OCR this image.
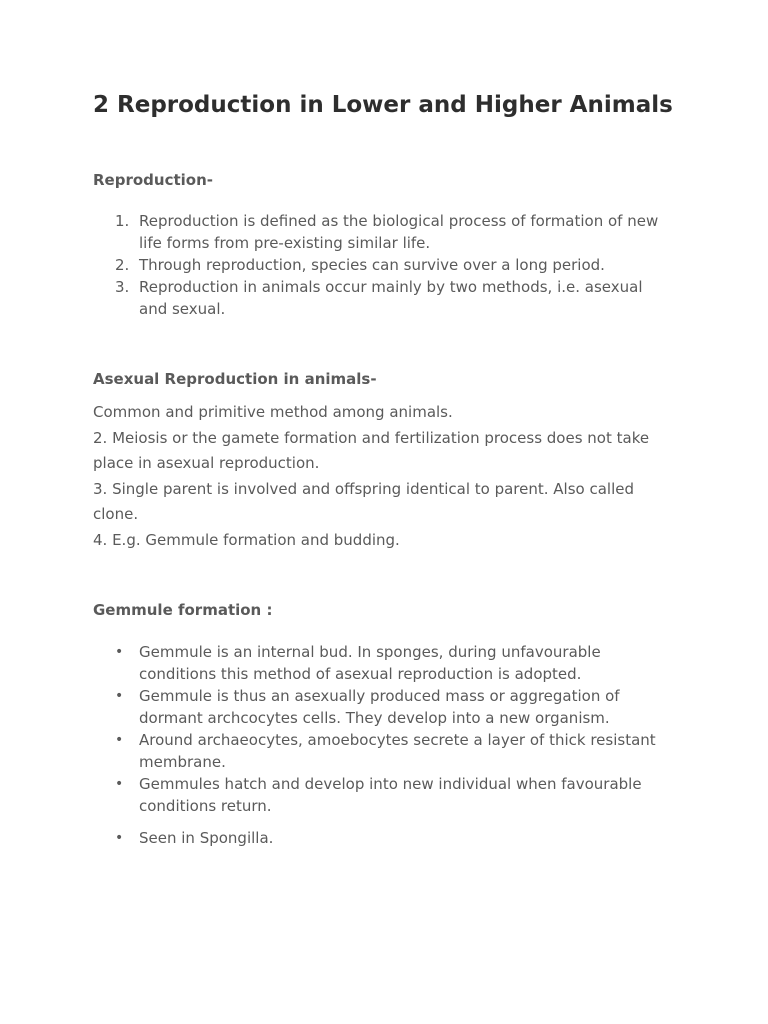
2 Reproduction in Lower and Higher Animals
Reproduction-
1. Reproduction is defined as the biological process of formation of new
life forms from pre-existing similar life.
2. Through reproduction, species can survive over a long period.
3. Reproduction in animals occur mainly by two methods, i.e. asexual
and sexual.
Asexual Reproduction in animals-
Common and primitive method among animals.
2. Meiosis or the gamete formation and fertilization process does not take
place in asexual reproduction.
3. Single parent is involved and offspring identical to parent. Also called
clone.
4. E.g. Gemmule formation and budding.
Gemmule formation :
• Gemmule is an internal bud. In sponges, during unfavourable
conditions this method of asexual reproduction is adopted.
• Gemmule is thus an asexually produced mass or aggregation of
dormant archcocytes cells. They develop into a new organism.
• Around archaeocytes, amoebocytes secrete a layer of thick resistant
membrane.
• Gemmules hatch and develop into new individual when favourable
conditions return.
• Seen in Spongilla.
